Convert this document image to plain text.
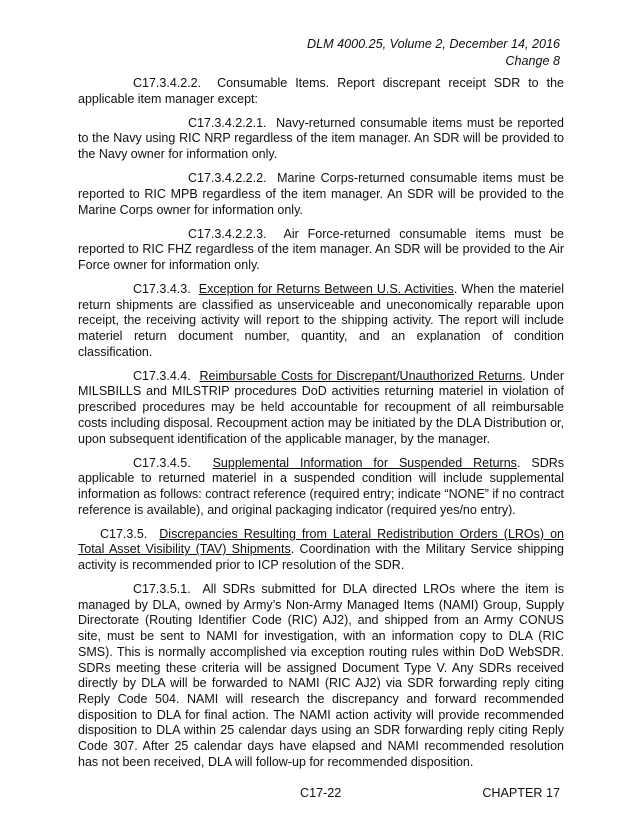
DLM 4000.25, Volume 2, December 14, 2016
Change 8

C17.3.4.2.2. Consumable Items. Report discrepant receipt SDR to the applicable item manager except:

C17.3.4.2.2.1. Navy-returned consumable items must be reported to the Navy using RIC NRP regardless of the item manager. An SDR will be provided to the Navy owner for information only.

C17.3.4.2.2.2. Marine Corps-returned consumable items must be reported to RIC MPB regardless of the item manager. An SDR will be provided to the Marine Corps owner for information only.

C17.3.4.2.2.3. Air Force-returned consumable items must be reported to RIC FHZ regardless of the item manager. An SDR will be provided to the Air Force owner for information only.

C17.3.4.3. Exception for Returns Between U.S. Activities. When the materiel return shipments are classified as unserviceable and uneconomically reparable upon receipt, the receiving activity will report to the shipping activity. The report will include materiel return document number, quantity, and an explanation of condition classification.

C17.3.4.4. Reimbursable Costs for Discrepant/Unauthorized Returns. Under MILSBILLS and MILSTRIP procedures DoD activities returning materiel in violation of prescribed procedures may be held accountable for recoupment of all reimbursable costs including disposal. Recoupment action may be initiated by the DLA Distribution or, upon subsequent identification of the applicable manager, by the manager.

C17.3.4.5. Supplemental Information for Suspended Returns. SDRs applicable to returned materiel in a suspended condition will include supplemental information as follows: contract reference (required entry; indicate “NONE” if no contract reference is available), and original packaging indicator (required yes/no entry).

C17.3.5. Discrepancies Resulting from Lateral Redistribution Orders (LROs) on Total Asset Visibility (TAV) Shipments. Coordination with the Military Service shipping activity is recommended prior to ICP resolution of the SDR.

C17.3.5.1. All SDRs submitted for DLA directed LROs where the item is managed by DLA, owned by Army’s Non-Army Managed Items (NAMI) Group, Supply Directorate (Routing Identifier Code (RIC) AJ2), and shipped from an Army CONUS site, must be sent to NAMI for investigation, with an information copy to DLA (RIC SMS). This is normally accomplished via exception routing rules within DoD WebSDR. SDRs meeting these criteria will be assigned Document Type V. Any SDRs received directly by DLA will be forwarded to NAMI (RIC AJ2) via SDR forwarding reply citing Reply Code 504. NAMI will research the discrepancy and forward recommended disposition to DLA for final action. The NAMI action activity will provide recommended disposition to DLA within 25 calendar days using an SDR forwarding reply citing Reply Code 307. After 25 calendar days have elapsed and NAMI recommended resolution has not been received, DLA will follow-up for recommended disposition.

C17-22	CHAPTER 17
